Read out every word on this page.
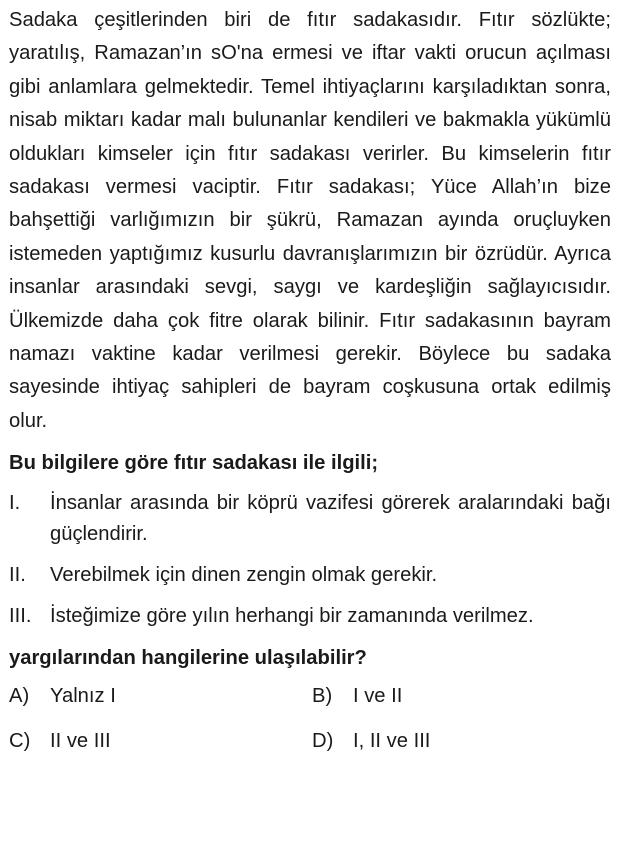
Sadaka çeşitlerinden biri de fıtır sadakasıdır. Fıtır sözlükte; yaratılış, Ramazan’ın sO'na ermesi ve iftar vakti orucun açılması gibi anlamlara gelmektedir. Temel ihtiyaçlarını karşıladıktan sonra, nisab miktarı kadar malı bulunanlar kendileri ve bakmakla yükümlü oldukları kimseler için fıtır sadakası verirler. Bu kimselerin fıtır sadakası vermesi vaciptir. Fıtır sadakası; Yüce Allah’ın bize bahşettiği varlığımızın bir şükrü, Ramazan ayında oruçluyken istemeden yaptığımız kusurlu davranışlarımızın bir özrüdür. Ayrıca insanlar arasındaki sevgi, saygı ve kardeşliğin sağlayıcısıdır. Ülkemizde daha çok fitre olarak bilinir. Fıtır sadakasının bayram namazı vaktine kadar verilmesi gerekir. Böylece bu sadaka sayesinde ihtiyaç sahipleri de bayram coşkusuna ortak edilmiş olur.

Bu bilgilere göre fıtır sadakası ile ilgili;

I.	İnsanlar arasında bir köprü vazifesi görerek aralarındaki bağı güçlendirir.
II.	Verebilmek için dinen zengin olmak gerekir.
III. İsteğimize göre yılın herhangi bir zamanında verilmez.

yargılarından hangilerine ulaşılabilir?

A)	Yalnız I	B)	I ve II
C) II ve III	D) I, II ve III
